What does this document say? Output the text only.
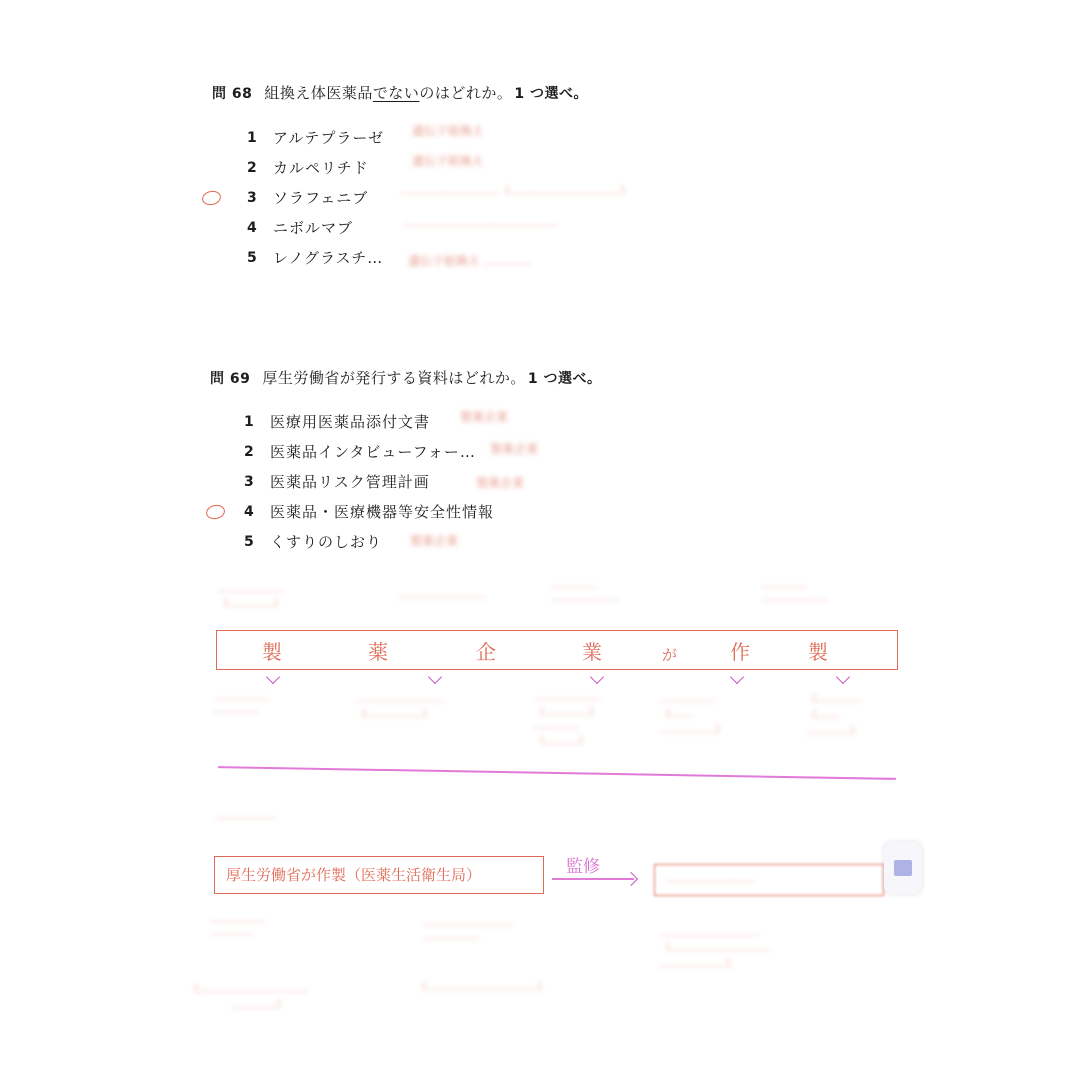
問 68 組換え体医薬品でないのはどれか。 1 つ選べ。
1	アルテプラーゼ
2	カルペリチド
3	ソラフェニブ
4	ニボルマブ
5	レノグラスチ…
遺伝子組換え
遺伝子組換え
………………………（…………………………）
……………………………………
遺伝子組換え …………
問 69 厚生労働省が発行する資料はどれか。 1 つ選べ。
1	医療用医薬品添付文書
2	医薬品インタビューフォー…
3	医薬品リスク管理計画
4	医薬品・医療機器等安全性情報
5	くすりのしおり
製薬企業
製薬企業
製薬企業
製薬企業
………………
（…………）
……………………
…………
………………
…………
………………
製	薬	企	業	が	作	製
……………
…………
……………………
（……………）
………………
（…………）
…………
（………）
……………
（……
……………）
（…………
（……
…………）
……………
厚生労働省が作製（医薬生活衛生局）	監修
……………………
……………
…………
（…………………………
　　　　…………）
……………………
……………
（…………………………）
………………………
（………………………
………………）
